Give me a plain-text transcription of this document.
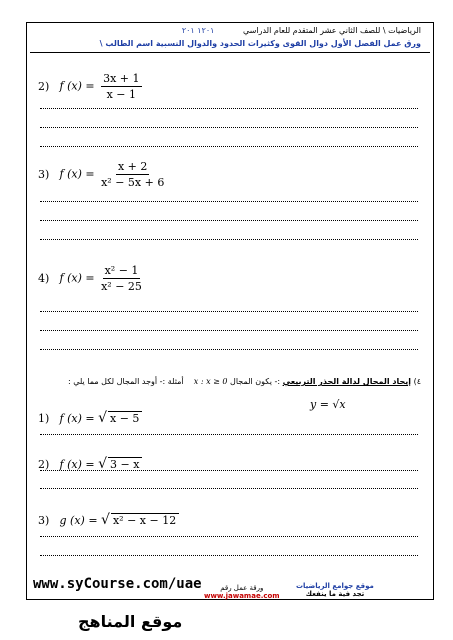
الرياضيات \ للصف الثاني عشر المتقدم للعام الدراسي ١٢٠١ ٢٠١
ورق عمل الفصل الأول دوال القوى وكثيرات الحدود والدوال النسبية اسم الطالب \
2) f $(x) = \frac{3x + 1}{x - 1}$
3) f $(x) = \frac{x + 2}{\text{x² − 5x + 6}}$
4) f $(x) = \frac{\text{x² − 1}}{\text{x² − 25}}$
٤) إيجاد المجال لدالة الجذر التربيعي :- يكون المجال x : x ≥ 0    أمثلة :- أوجد المجال لكل مما يلي :
y = √x
1) f (x) = √ x − 5
2) f (x) = √ 3 − x
3) g (x) = √ x² − x − 12
www.syCourse.com/uae	ورقة عمل رقم
www.jawamae.com
موقع جوامع الرياضيات
تجد فية ما ينفعك
موقع المناهج
